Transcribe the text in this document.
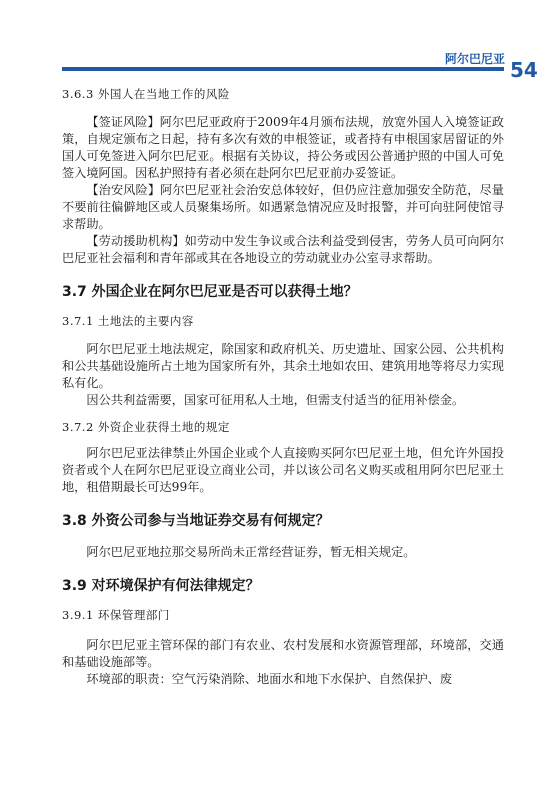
阿尔巴尼亚 54

3.6.3 外国人在当地工作的风险

【签证风险】阿尔巴尼亚政府于2009年4月颁布法规，放宽外国人入境签证政策，自规定颁布之日起，持有多次有效的申根签证，或者持有申根国家居留证的外国人可免签进入阿尔巴尼亚。根据有关协议，持公务或因公普通护照的中国人可免签入境阿国。因私护照持有者必须在赴阿尔巴尼亚前办妥签证。

【治安风险】阿尔巴尼亚社会治安总体较好，但仍应注意加强安全防范，尽量不要前往偏僻地区或人员聚集场所。如遇紧急情况应及时报警，并可向驻阿使馆寻求帮助。

【劳动援助机构】如劳动中发生争议或合法利益受到侵害，劳务人员可向阿尔巴尼亚社会福利和青年部或其在各地设立的劳动就业办公室寻求帮助。

3.7 外国企业在阿尔巴尼亚是否可以获得土地？

3.7.1 土地法的主要内容

阿尔巴尼亚土地法规定，除国家和政府机关、历史遗址、国家公园、公共机构和公共基础设施所占土地为国家所有外，其余土地如农田、建筑用地等将尽力实现私有化。

因公共利益需要，国家可征用私人土地，但需支付适当的征用补偿金。

3.7.2 外资企业获得土地的规定

阿尔巴尼亚法律禁止外国企业或个人直接购买阿尔巴尼亚土地，但允许外国投资者或个人在阿尔巴尼亚设立商业公司，并以该公司名义购买或租用阿尔巴尼亚土地，租借期最长可达99年。

3.8 外资公司参与当地证券交易有何规定？

阿尔巴尼亚地拉那交易所尚未正常经营证券，暂无相关规定。

3.9 对环境保护有何法律规定？

3.9.1 环保管理部门

阿尔巴尼亚主管环保的部门有农业、农村发展和水资源管理部，环境部，交通和基础设施部等。

环境部的职责：空气污染消除、地面水和地下水保护、自然保护、废
